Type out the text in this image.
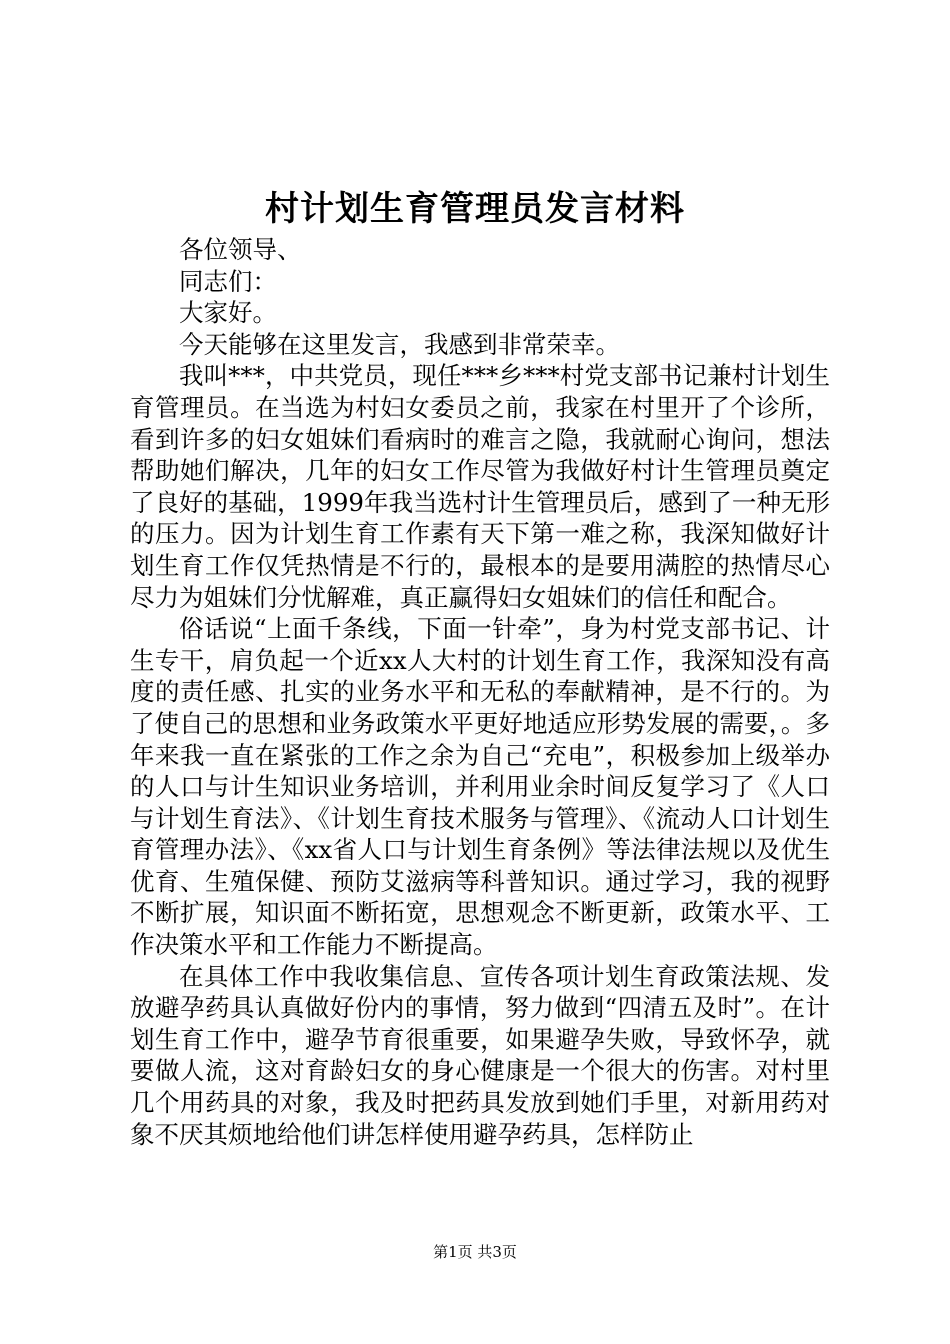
村计划生育管理员发言材料

各位领导、

同志们：

大家好。

今天能够在这里发言，我感到非常荣幸。

我叫***，中共党员，现任***乡***村党支部书记兼村计划生育管理员。在当选为村妇女委员之前，我家在村里开了个诊所，看到许多的妇女姐妹们看病时的难言之隐，我就耐心询问，想法帮助她们解决，几年的妇女工作尽管为我做好村计生管理员奠定了良好的基础，1999年我当选村计生管理员后，感到了一种无形的压力。因为计划生育工作素有天下第一难之称，我深知做好计划生育工作仅凭热情是不行的，最根本的是要用满腔的热情尽心尽力为姐妹们分忧解难，真正赢得妇女姐妹们的信任和配合。

俗话说“上面千条线，下面一针牵”，身为村党支部书记、计生专干，肩负起一个近xx人大村的计划生育工作，我深知没有高度的责任感、扎实的业务水平和无私的奉献精神，是不行的。为了使自己的思想和业务政策水平更好地适应形势发展的需要，。多年来我一直在紧张的工作之余为自己“充电”，积极参加上级举办的人口与计生知识业务培训，并利用业余时间反复学习了《人口与计划生育法》、《计划生育技术服务与管理》、《流动人口计划生育管理办法》、《xx省人口与计划生育条例》等法律法规以及优生优育、生殖保健、预防艾滋病等科普知识。通过学习，我的视野不断扩展，知识面不断拓宽，思想观念不断更新，政策水平、工作决策水平和工作能力不断提高。

在具体工作中我收集信息、宣传各项计划生育政策法规、发放避孕药具认真做好份内的事情，努力做到“四清五及时”。在计划生育工作中，避孕节育很重要，如果避孕失败，导致怀孕，就要做人流，这对育龄妇女的身心健康是一个很大的伤害。对村里几个用药具的对象，我及时把药具发放到她们手里，对新用药对象不厌其烦地给他们讲怎样使用避孕药具，怎样防止

第1页 共3页
